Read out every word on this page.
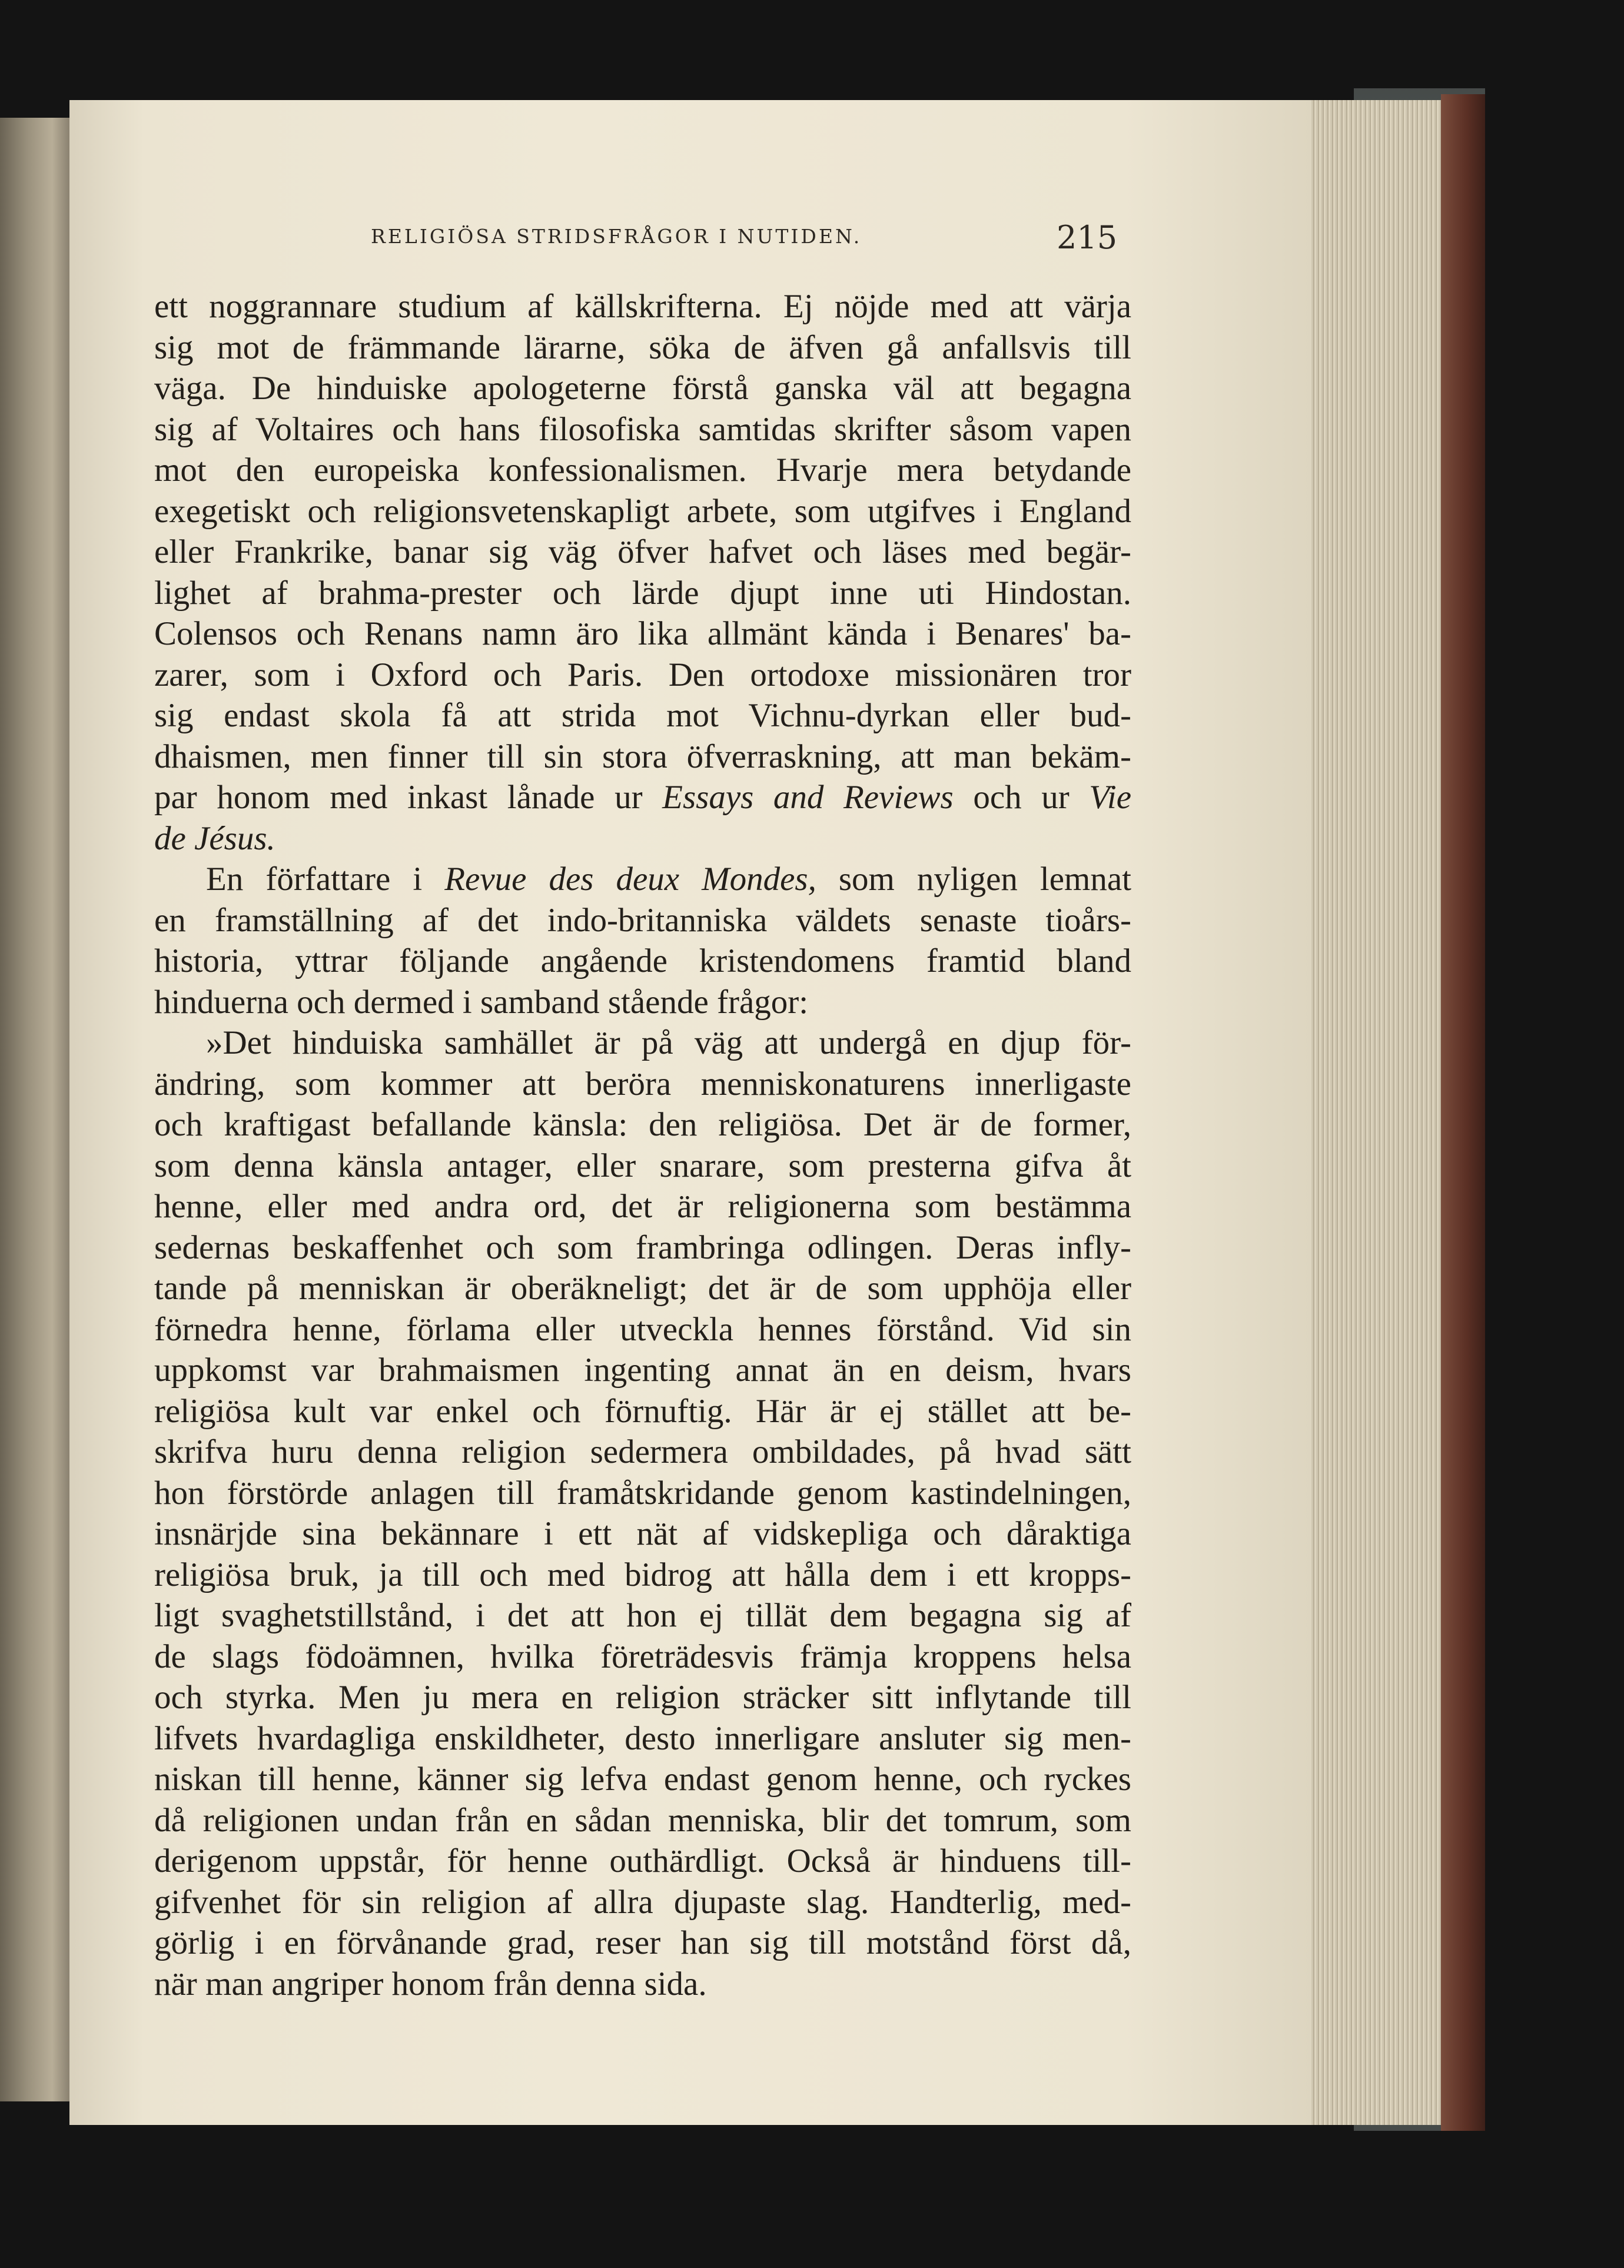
RELIGIÖSA STRIDSFRÅGOR I NUTIDEN.	215
ett noggrannare studium af källskrifterna. Ej nöjde med att värja
sig mot de främmande lärarne, söka de äfven gå anfallsvis till
väga. De hinduiske apologeterne förstå ganska väl att begagna
sig af Voltaires och hans filosofiska samtidas skrifter såsom vapen
mot den europeiska konfessionalismen. Hvarje mera betydande
exegetiskt och religionsvetenskapligt arbete, som utgifves i England
eller Frankrike, banar sig väg öfver hafvet och läses med begär-
lighet af brahma-prester och lärde djupt inne uti Hindostan.
Colensos och Renans namn äro lika allmänt kända i Benares' ba-
zarer, som i Oxford och Paris. Den ortodoxe missionären tror
sig endast skola få att strida mot Vichnu-dyrkan eller bud-
dhaismen, men finner till sin stora öfverraskning, att man bekäm-
par honom med inkast lånade ur Essays and Reviews och ur Vie
de Jésus.
En författare i Revue des deux Mondes, som nyligen lemnat
en framställning af det indo-britanniska väldets senaste tioårs-
historia, yttrar följande angående kristendomens framtid bland
hinduerna och dermed i samband stående frågor:
»Det hinduiska samhället är på väg att undergå en djup för-
ändring, som kommer att beröra menniskonaturens innerligaste
och kraftigast befallande känsla: den religiösa. Det är de former,
som denna känsla antager, eller snarare, som presterna gifva åt
henne, eller med andra ord, det är religionerna som bestämma
sedernas beskaffenhet och som frambringa odlingen. Deras infly-
tande på menniskan är oberäkneligt; det är de som upphöja eller
förnedra henne, förlama eller utveckla hennes förstånd. Vid sin
uppkomst var brahmaismen ingenting annat än en deism, hvars
religiösa kult var enkel och förnuftig. Här är ej stället att be-
skrifva huru denna religion sedermera ombildades, på hvad sätt
hon förstörde anlagen till framåtskridande genom kastindelningen,
insnärjde sina bekännare i ett nät af vidskepliga och dåraktiga
religiösa bruk, ja till och med bidrog att hålla dem i ett kropps-
ligt svaghetstillstånd, i det att hon ej tillät dem begagna sig af
de slags födoämnen, hvilka företrädesvis främja kroppens helsa
och styrka. Men ju mera en religion sträcker sitt inflytande till
lifvets hvardagliga enskildheter, desto innerligare ansluter sig men-
niskan till henne, känner sig lefva endast genom henne, och ryckes
då religionen undan från en sådan menniska, blir det tomrum, som
derigenom uppstår, för henne outhärdligt. Också är hinduens till-
gifvenhet för sin religion af allra djupaste slag. Handterlig, med-
görlig i en förvånande grad, reser han sig till motstånd först då,
när man angriper honom från denna sida.
